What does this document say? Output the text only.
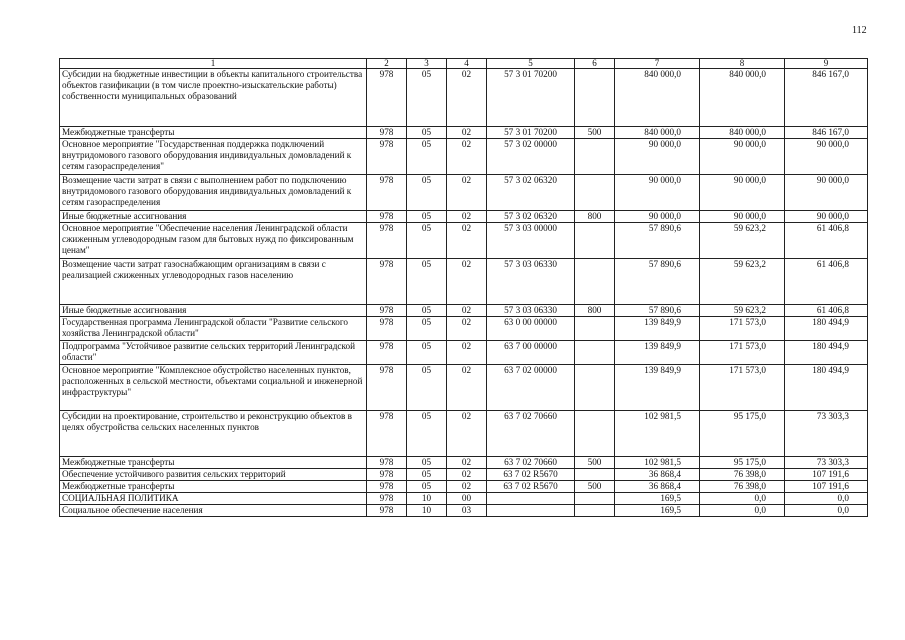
112
1	2	3	4	5	6	7	8	9
Субсидии на бюджетные инвестиции в объекты капитального строительства объектов газификации (в том числе проектно-изыскательские работы) собственности муниципальных образований	978	05	02	57 3 01 70200		840 000,0	840 000,0	846 167,0
Межбюджетные трансферты	978	05	02	57 3 01 70200	500	840 000,0	840 000,0	846 167,0
Основное мероприятие "Государственная поддержка подключений внутридомового газового оборудования индивидуальных домовладений к сетям газораспределения"	978	05	02	57 3 02 00000		90 000,0	90 000,0	90 000,0
Возмещение части затрат в связи с выполнением работ по подключению внутридомового газового оборудования индивидуальных домовладений к сетям газораспределения	978	05	02	57 3 02 06320		90 000,0	90 000,0	90 000,0
Иные бюджетные ассигнования	978	05	02	57 3 02 06320	800	90 000,0	90 000,0	90 000,0
Основное мероприятие "Обеспечение населения Ленинградской области сжиженным углеводородным газом для бытовых нужд по фиксированным ценам"	978	05	02	57 3 03 00000		57 890,6	59 623,2	61 406,8
Возмещение части затрат газоснабжающим организациям в связи с реализацией сжиженных углеводородных газов населению	978	05	02	57 3 03 06330		57 890,6	59 623,2	61 406,8
Иные бюджетные ассигнования	978	05	02	57 3 03 06330	800	57 890,6	59 623,2	61 406,8
Государственная программа Ленинградской области "Развитие сельского хозяйства Ленинградской области"	978	05	02	63 0 00 00000		139 849,9	171 573,0	180 494,9
Подпрограмма "Устойчивое развитие сельских территорий Ленинградской области"	978	05	02	63 7 00 00000		139 849,9	171 573,0	180 494,9
Основное мероприятие "Комплексное обустройство населенных пунктов, расположенных в сельской местности, объектами социальной и инженерной инфраструктуры"	978	05	02	63 7 02 00000		139 849,9	171 573,0	180 494,9
Субсидии на проектирование, строительство и реконструкцию объектов в целях обустройства сельских населенных пунктов	978	05	02	63 7 02 70660		102 981,5	95 175,0	73 303,3
Межбюджетные трансферты	978	05	02	63 7 02 70660	500	102 981,5	95 175,0	73 303,3
Обеспечение устойчивого развития сельских территорий	978	05	02	63 7 02 R5670		36 868,4	76 398,0	107 191,6
Межбюджетные трансферты	978	05	02	63 7 02 R5670	500	36 868,4	76 398,0	107 191,6
СОЦИАЛЬНАЯ ПОЛИТИКА	978	10	00			169,5	0,0	0,0
Социальное обеспечение населения	978	10	03			169,5	0,0	0,0
